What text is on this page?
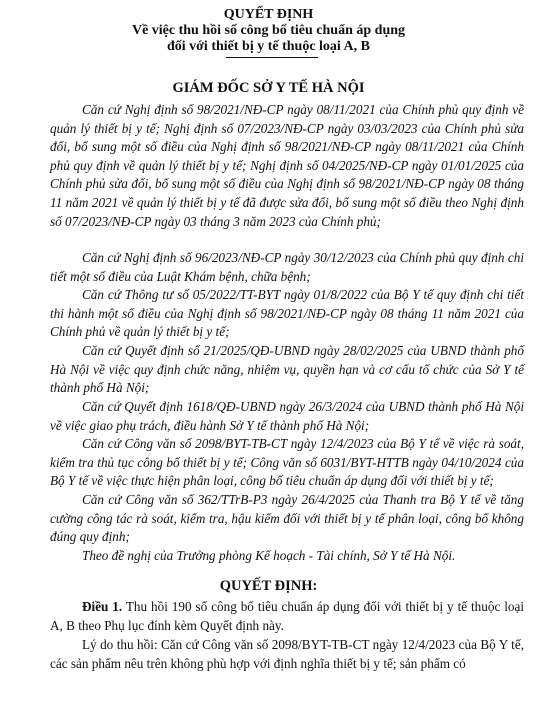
QUYẾT ĐỊNH
Về việc thu hồi số công bố tiêu chuẩn áp dụng
đối với thiết bị y tế thuộc loại A, B
GIÁM ĐỐC SỞ Y TẾ HÀ NỘI

Căn cứ Nghị định số 98/2021/NĐ-CP ngày 08/11/2021 của Chính phủ quy định về quản lý thiết bị y tế; Nghị định số 07/2023/NĐ-CP ngày 03/03/2023 của Chính phủ sửa đổi, bổ sung một số điều của Nghị định số 98/2021/NĐ-CP ngày 08/11/2021 của Chính phủ quy định về quản lý thiết bị y tế; Nghị định số 04/2025/NĐ-CP ngày 01/01/2025 của Chính phủ sửa đổi, bổ sung một số điều của Nghị định số 98/2021/NĐ-CP ngày 08 tháng 11 năm 2021 về quản lý thiết bị y tế đã được sửa đổi, bổ sung một số điều theo Nghị định số 07/2023/NĐ-CP ngày 03 tháng 3 năm 2023 của Chính phủ;

Căn cứ Nghị định số 96/2023/NĐ-CP ngày 30/12/2023 của Chính phủ quy định chi tiết một số điều của Luật Khám bệnh, chữa bệnh;

Căn cứ Thông tư số 05/2022/TT-BYT ngày 01/8/2022 của Bộ Y tế quy định chi tiết thi hành một số điều của Nghị định số 98/2021/NĐ-CP ngày 08 tháng 11 năm 2021 của Chính phủ về quản lý thiết bị y tế;

Căn cứ Quyết định số 21/2025/QĐ-UBND ngày 28/02/2025 của UBND thành phố Hà Nội về việc quy định chức năng, nhiệm vụ, quyền hạn và cơ cấu tổ chức của Sở Y tế thành phố Hà Nội;

Căn cứ Quyết định 1618/QĐ-UBND ngày 26/3/2024 của UBND thành phố Hà Nội về việc giao phụ trách, điều hành Sở Y tế thành phố Hà Nội;

Căn cứ Công văn số 2098/BYT-TB-CT ngày 12/4/2023 của Bộ Y tế về việc rà soát, kiểm tra thủ tục công bố thiết bị y tế; Công văn số 6031/BYT-HTTB ngày 04/10/2024 của Bộ Y tế về việc thực hiện phân loại, công bố tiêu chuẩn áp dụng đối với thiết bị y tế;

Căn cứ Công văn số 362/TTrB-P3 ngày 26/4/2025 của Thanh tra Bộ Y tế về tăng cường công tác rà soát, kiểm tra, hậu kiểm đối với thiết bị y tế phân loại, công bố không đúng quy định;

Theo đề nghị của Trưởng phòng Kế hoạch - Tài chính, Sở Y tế Hà Nội.

QUYẾT ĐỊNH:

Điều 1. Thu hồi 190 số công bố tiêu chuẩn áp dụng đối với thiết bị y tế thuộc loại A, B theo Phụ lục đính kèm Quyết định này.

Lý do thu hồi: Căn cứ Công văn số 2098/BYT-TB-CT ngày 12/4/2023 của Bộ Y tế, các sản phẩm nêu trên không phù hợp với định nghĩa thiết bị y tế; sản phẩm có
